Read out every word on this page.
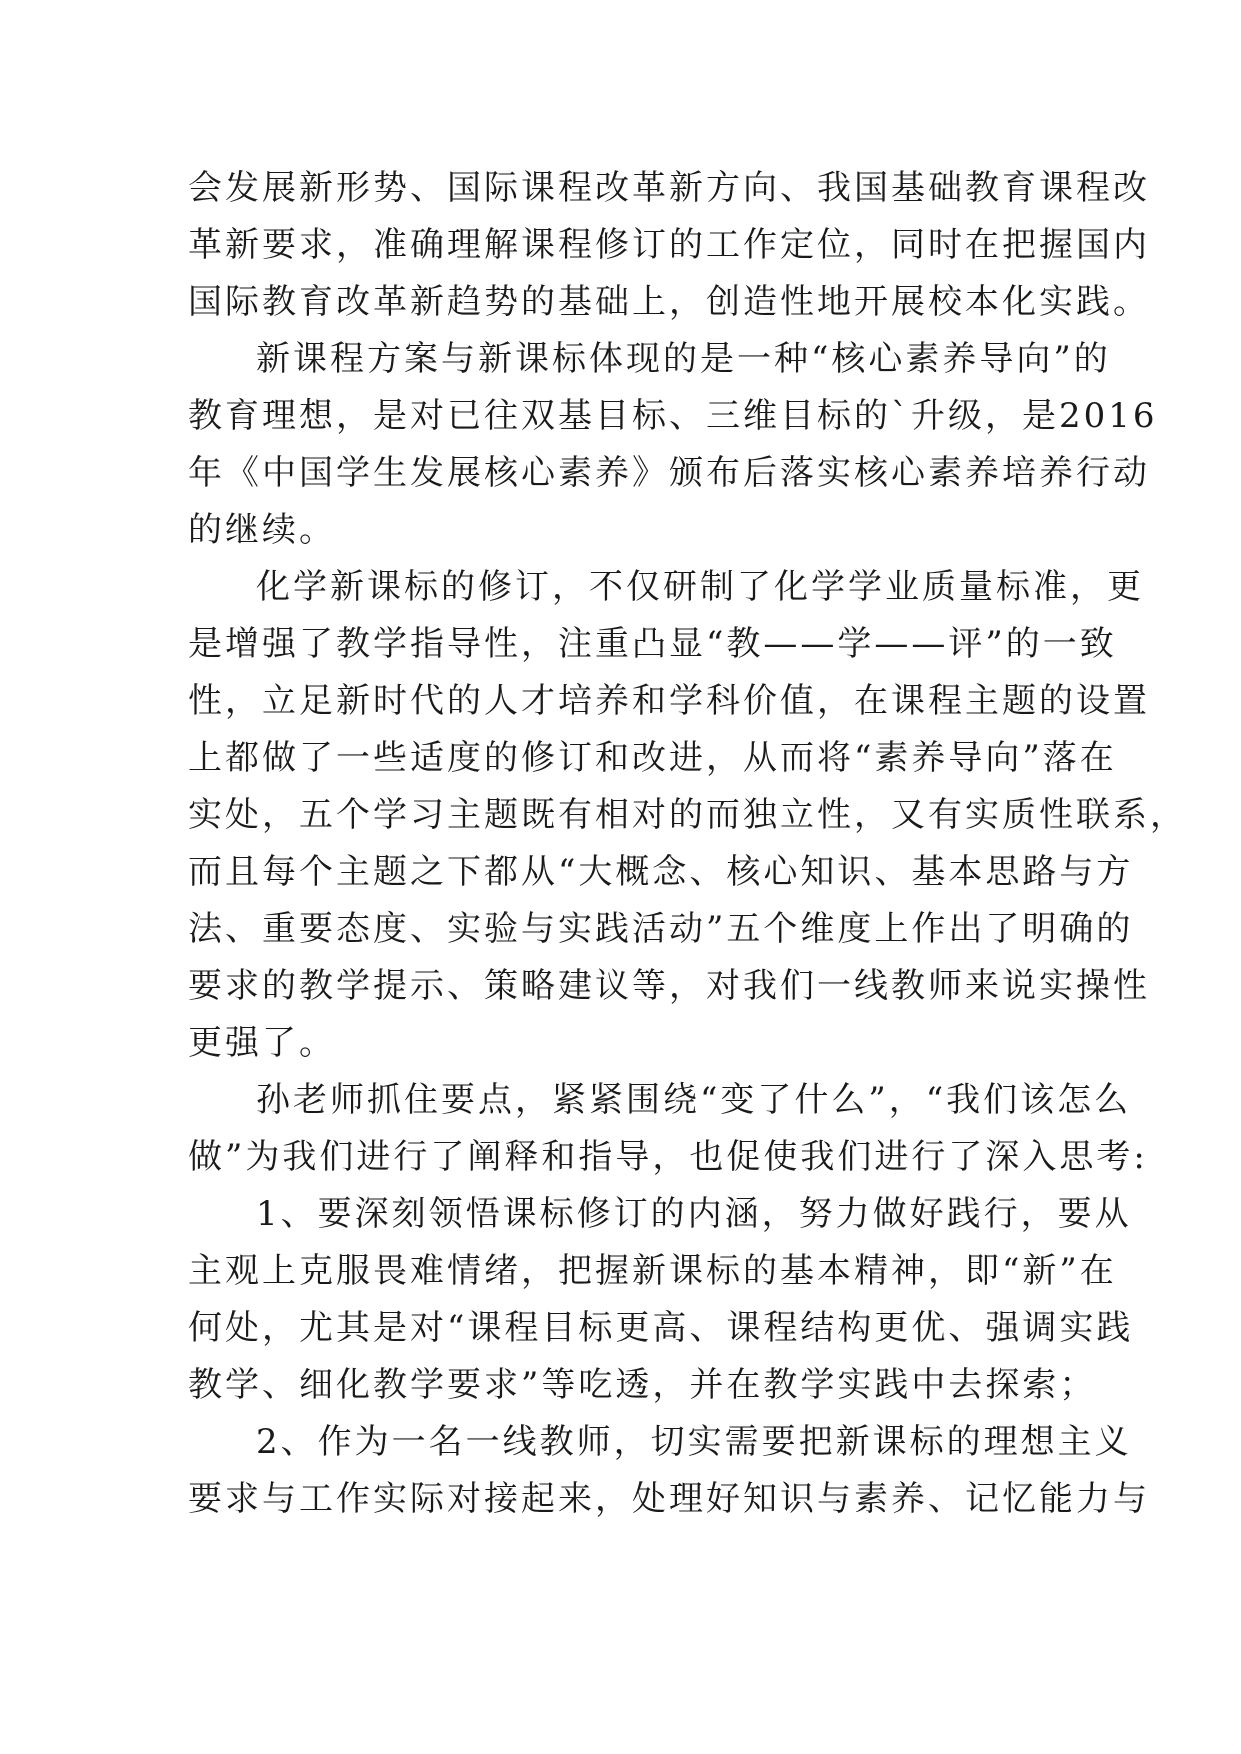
会发展新形势、国际课程改革新方向、我国基础教育课程改
革新要求，准确理解课程修订的工作定位，同时在把握国内
国际教育改革新趋势的基础上，创造性地开展校本化实践。
新课程方案与新课标体现的是一种“核心素养导向”的
教育理想，是对已往双基目标、三维目标的`升级，是2016
年《中国学生发展核心素养》颁布后落实核心素养培养行动
的继续。
化学新课标的修订，不仅研制了化学学业质量标准，更
是增强了教学指导性，注重凸显“教——学——评”的一致
性，立足新时代的人才培养和学科价值，在课程主题的设置
上都做了一些适度的修订和改进，从而将“素养导向”落在
实处，五个学习主题既有相对的而独立性，又有实质性联系，
而且每个主题之下都从“大概念、核心知识、基本思路与方
法、重要态度、实验与实践活动”五个维度上作出了明确的
要求的教学提示、策略建议等，对我们一线教师来说实操性
更强了。
孙老师抓住要点，紧紧围绕“变了什么”，“我们该怎么
做”为我们进行了阐释和指导，也促使我们进行了深入思考:
1、要深刻领悟课标修订的内涵，努力做好践行，要从
主观上克服畏难情绪，把握新课标的基本精神，即“新”在
何处，尤其是对“课程目标更高、课程结构更优、强调实践
教学、细化教学要求”等吃透，并在教学实践中去探索；
2、作为一名一线教师，切实需要把新课标的理想主义
要求与工作实际对接起来，处理好知识与素养、记忆能力与
